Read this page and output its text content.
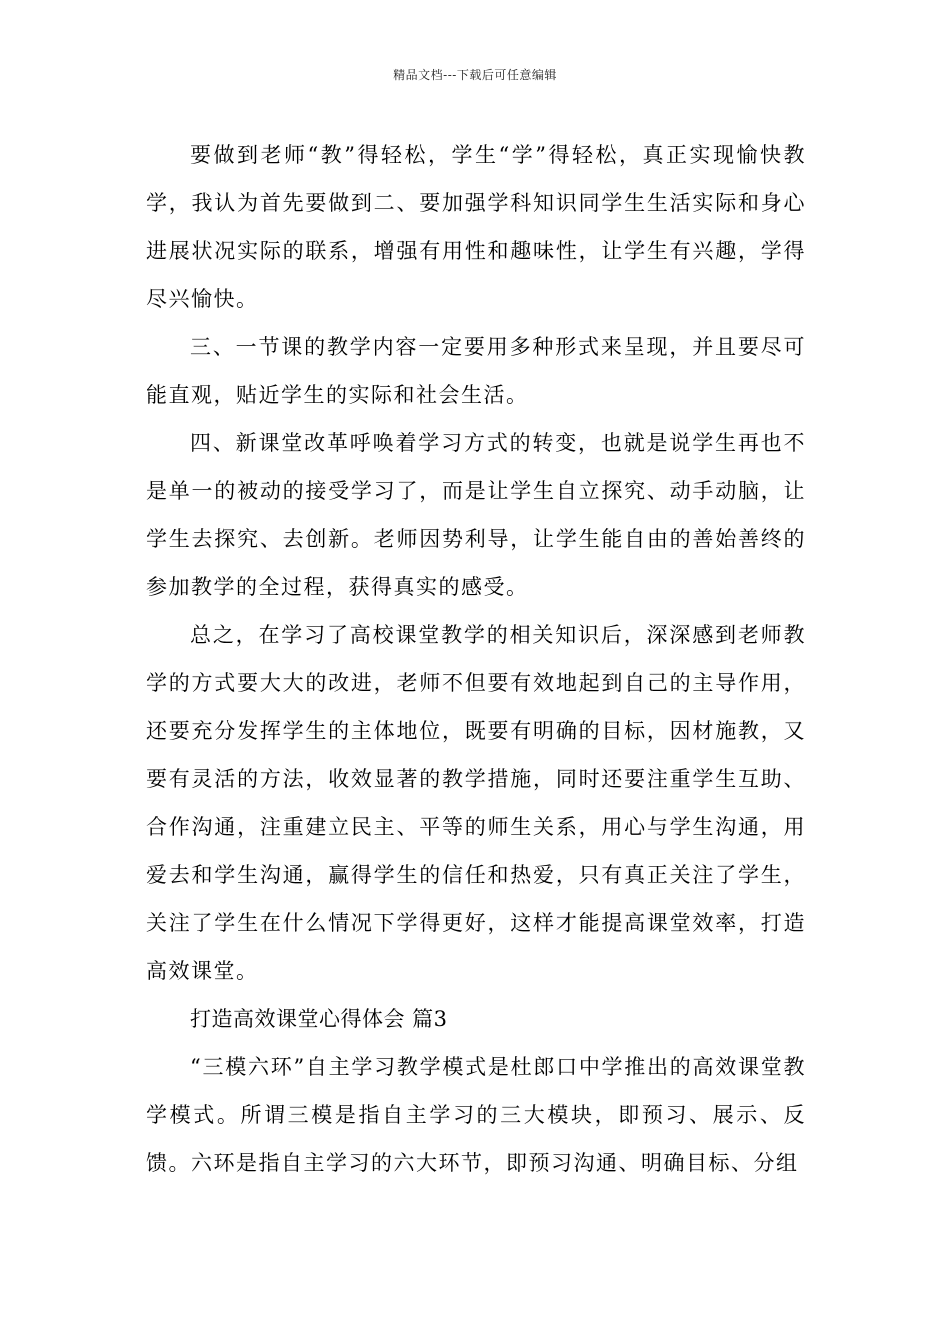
精品文档---下载后可任意编辑

要做到老师“教”得轻松，学生“学”得轻松，真正实现愉快教学，我认为首先要做到二、要加强学科知识同学生生活实际和身心进展状况实际的联系，增强有用性和趣味性，让学生有兴趣，学得尽兴愉快。

三、一节课的教学内容一定要用多种形式来呈现，并且要尽可能直观，贴近学生的实际和社会生活。

四、新课堂改革呼唤着学习方式的转变，也就是说学生再也不是单一的被动的接受学习了，而是让学生自立探究、动手动脑，让学生去探究、去创新。老师因势利导，让学生能自由的善始善终的参加教学的全过程，获得真实的感受。

总之，在学习了高校课堂教学的相关知识后，深深感到老师教学的方式要大大的改进，老师不但要有效地起到自己的主导作用，还要充分发挥学生的主体地位，既要有明确的目标，因材施教，又要有灵活的方法，收效显著的教学措施，同时还要注重学生互助、合作沟通，注重建立民主、平等的师生关系，用心与学生沟通，用爱去和学生沟通，赢得学生的信任和热爱，只有真正关注了学生，关注了学生在什么情况下学得更好，这样才能提高课堂效率，打造高效课堂。

打造高效课堂心得体会 篇3

“三模六环”自主学习教学模式是杜郎口中学推出的高效课堂教学模式。所谓三模是指自主学习的三大模块，即预习、展示、反馈。六环是指自主学习的六大环节，即预习沟通、明确目标、分组
